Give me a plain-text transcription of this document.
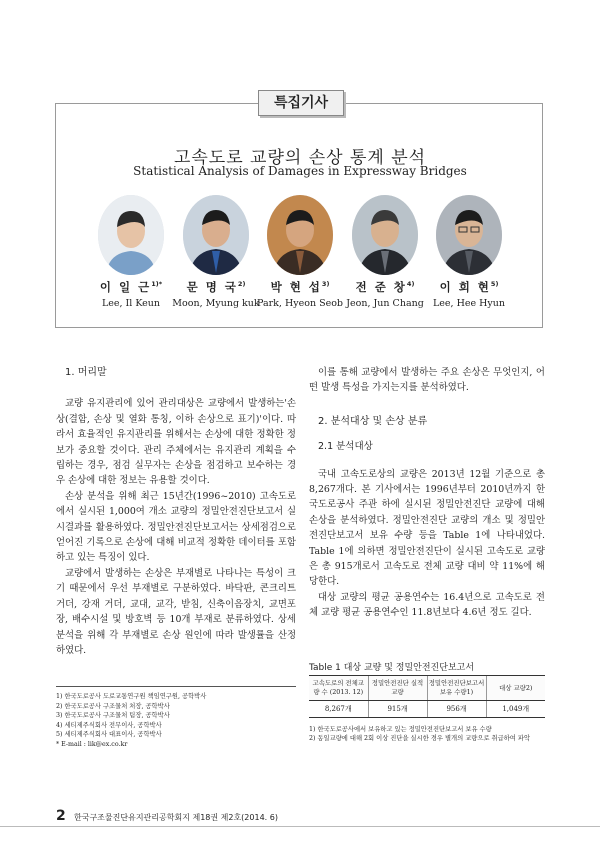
특집기사
고속도로 교량의 손상 통계 분석
Statistical Analysis of Damages in Expressway Bridges
이 일 근$^{1)*}$
Lee, Il Keun
문 명 국$^{2)}$
Moon, Myung kuk
박 현 섭$^{3)}$
Park, Hyeon Seob
전 준 창$^{4)}$
Jeon, Jun Chang
이 희 현$^{5)}$
Lee, Hee Hyun
1. 머리말

교량 유지관리에 있어 관리대상은 교량에서 발생하는'손상(결함, 손상 및 열화 통칭, 이하 손상으로 표기)'이다. 따라서 효율적인 유지관리를 위해서는 손상에 대한 정확한 정보가 중요할 것이다. 관리 주체에서는 유지관리 계획을 수립하는 경우, 점검 실무자는 손상을 점검하고 보수하는 경우 손상에 대한 정보는 유용할 것이다.

손상 분석을 위해 최근 15년간(1996~2010) 고속도로에서 실시된 1,000여 개소 교량의 정밀안전진단보고서 실시결과를 활용하였다. 정밀안전진단보고서는 상세점검으로 얻어진 기록으로 손상에 대해 비교적 정확한 데이터를 포함하고 있는 특징이 있다.

교량에서 발생하는 손상은 부재별로 나타나는 특성이 크기 때문에서 우선 부재별로 구분하였다. 바닥판, 콘크리트 거더, 강재 거더, 교대, 교각, 받침, 신축이음장치, 교면포장, 배수시설 및 방호벽 등 10개 부재로 분류하였다. 상세 분석을 위해 각 부재별로 손상 원인에 따라 발생률을 산정하였다.

이를 통해 교량에서 발생하는 주요 손상은 무엇인지, 어떤 발생 특성을 가지는지를 분석하였다.

2. 분석대상 및 손상 분류
2.1 분석대상

국내 고속도로상의 교량은 2013년 12월 기준으로 총 8,267개다. 본 기사에서는 1996년부터 2010년까지 한국도로공사 주관 하에 실시된 정밀안전진단 교량에 대해 손상을 분석하였다. 정밀안전진단 교량의 개소 및 정밀안전진단보고서 보유 수량 등을 Table 1에 나타내었다. Table 1에 의하면 정밀안전진단이 실시된 고속도로 교량은 총 915개로서 고속도로 전체 교량 대비 약 11%에 해당한다.

대상 교량의 평균 공용연수는 16.4년으로 고속도로 전체 교량 평균 공용연수인 11.8년보다 4.6년 정도 길다.

1) 한국도로공사 도로교통연구원 책임연구원, 공학박사
2) 한국도로공사 구조물처 처장, 공학박사
3) 한국도로공사 구조물처 팀장, 공학박사
4) 세티제주식회사 전무이사, 공학박사
5) 세티제주식회사 대표이사, 공학박사
* E-mail : lik@ex.co.kr
Table 1 대상 교량 및 정밀안전진단보고서
고속도로의 전체교량 수 (2013. 12)	정밀안전진단 실적교량	정밀안전진단보고서 보유 수량1)	대상 교량2)
8,267개	915개	956개	1,049개
1) 한국도로공사에서 보유하고 있는 정밀안전진단보고서 보유 수량
2) 동일교량에 대해 2회 이상 진단을 실시한 경우 별개의 교량으로 취급하여 파악
2 한국구조물진단유지관리공학회지 제18권 제2호(2014. 6)
